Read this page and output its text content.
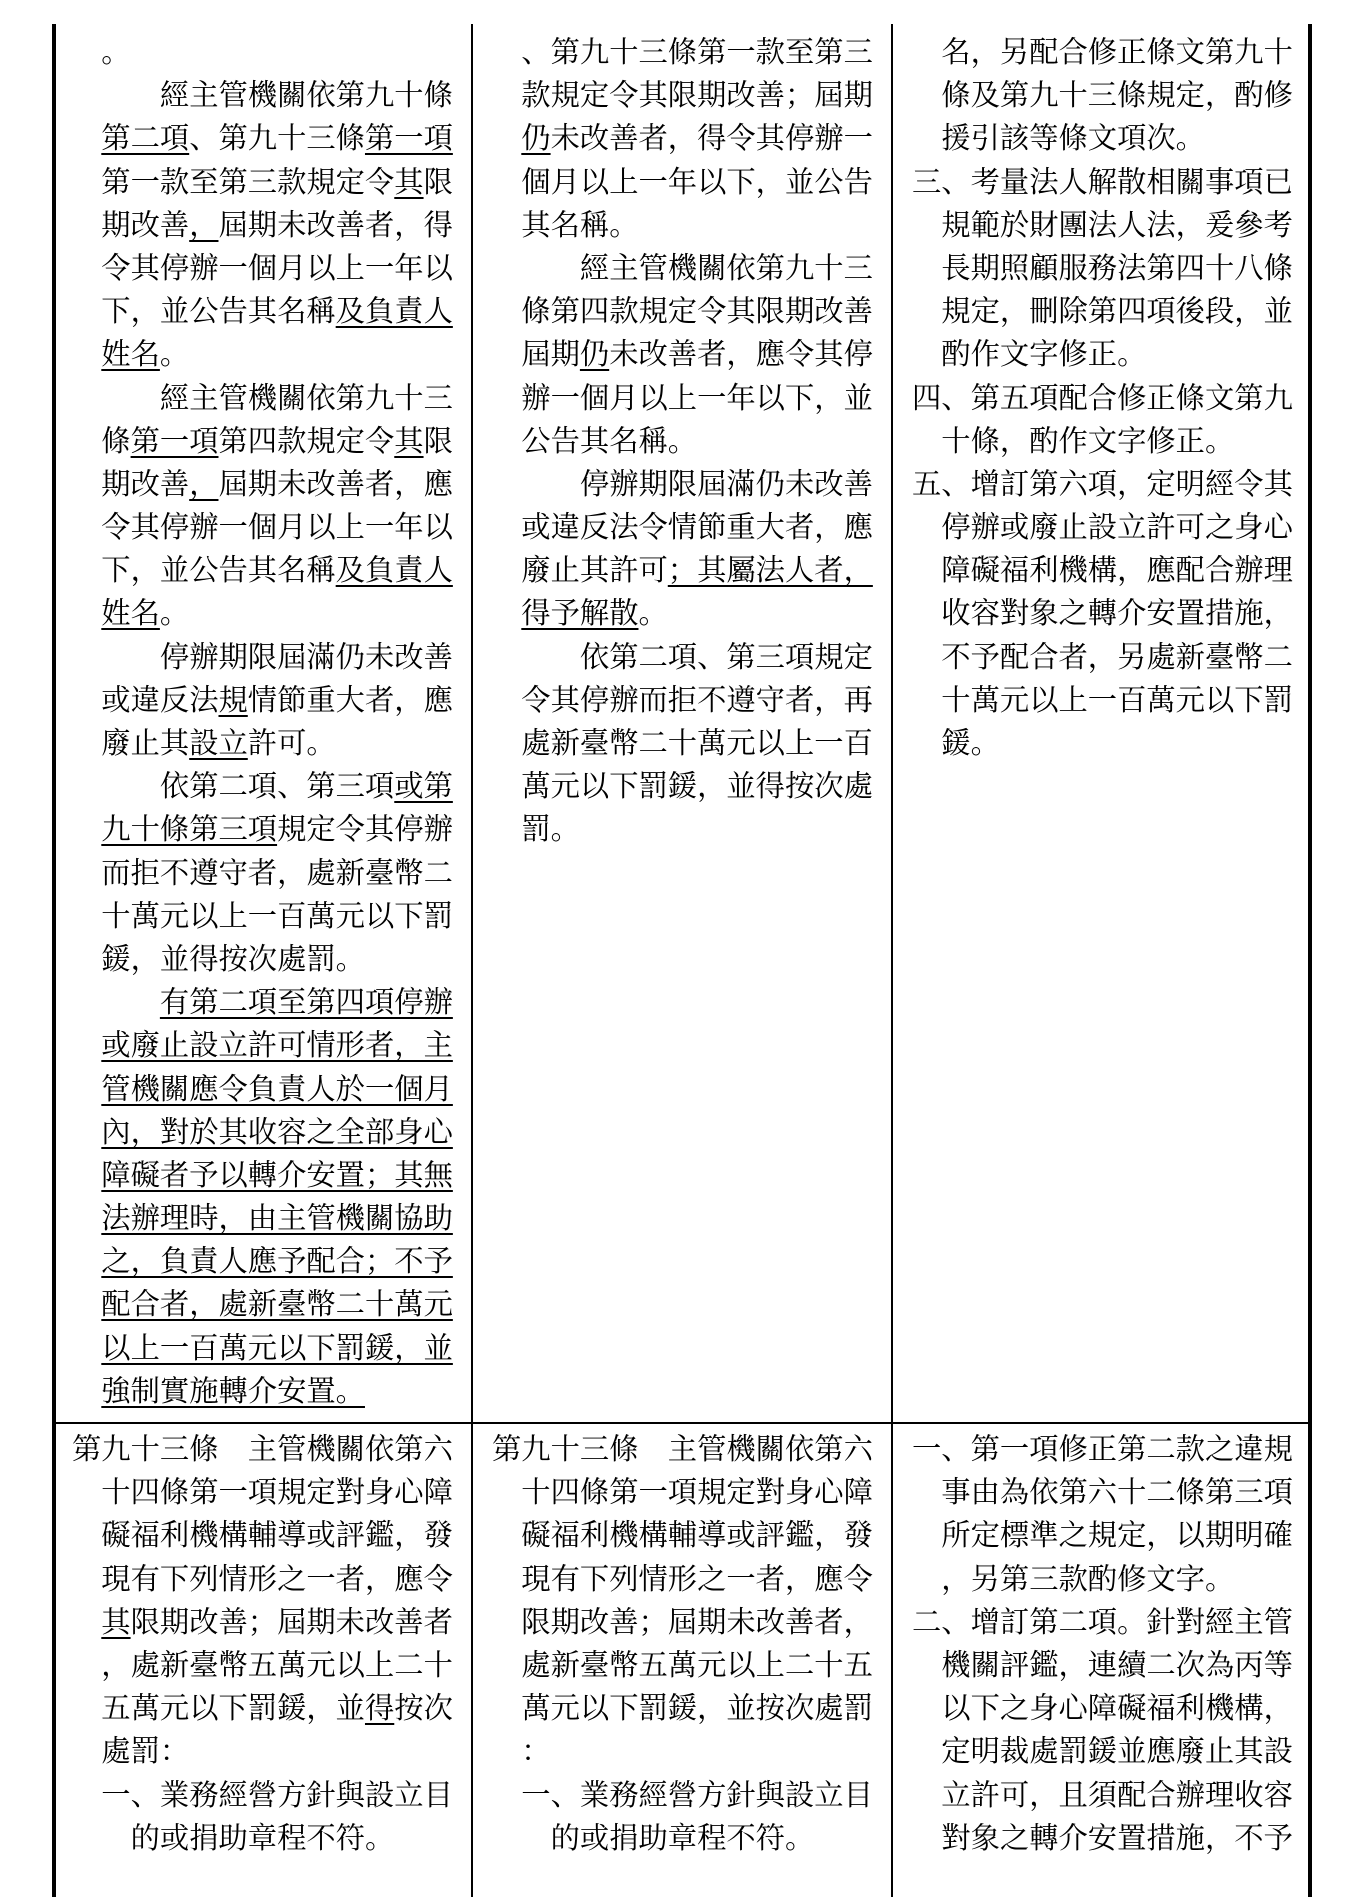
。
經主管機關依第九十條
第二項、第九十三條第一項
第一款至第三款規定令其限
期改善，屆期未改善者，得
令其停辦一個月以上一年以
下，並公告其名稱及負責人
姓名。
經主管機關依第九十三
條第一項第四款規定令其限
期改善，屆期未改善者，應
令其停辦一個月以上一年以
下，並公告其名稱及負責人
姓名。
停辦期限屆滿仍未改善
或違反法規情節重大者，應
廢止其設立許可。
依第二項、第三項或第
九十條第三項規定令其停辦
而拒不遵守者，處新臺幣二
十萬元以上一百萬元以下罰
鍰，並得按次處罰。
有第二項至第四項停辦
或廢止設立許可情形者，主
管機關應令負責人於一個月
內，對於其收容之全部身心
障礙者予以轉介安置；其無
法辦理時，由主管機關協助
之，負責人應予配合；不予
配合者，處新臺幣二十萬元
以上一百萬元以下罰鍰，並
強制實施轉介安置。
、第九十三條第一款至第三
款規定令其限期改善；屆期
仍未改善者，得令其停辦一
個月以上一年以下，並公告
其名稱。
經主管機關依第九十三
條第四款規定令其限期改善
屆期仍未改善者，應令其停
辦一個月以上一年以下，並
公告其名稱。
停辦期限屆滿仍未改善
或違反法令情節重大者，應
廢止其許可；其屬法人者，
得予解散。
依第二項、第三項規定
令其停辦而拒不遵守者，再
處新臺幣二十萬元以上一百
萬元以下罰鍰，並得按次處
罰。
名，另配合修正條文第九十
條及第九十三條規定，酌修
援引該等條文項次。
三、考量法人解散相關事項已
規範於財團法人法，爰參考
長期照顧服務法第四十八條
規定，刪除第四項後段，並
酌作文字修正。
四、第五項配合修正條文第九
十條，酌作文字修正。
五、增訂第六項，定明經令其
停辦或廢止設立許可之身心
障礙福利機構，應配合辦理
收容對象之轉介安置措施，
不予配合者，另處新臺幣二
十萬元以上一百萬元以下罰
鍰。
第九十三條 主管機關依第六
十四條第一項規定對身心障
礙福利機構輔導或評鑑，發
現有下列情形之一者，應令
其限期改善；屆期未改善者
，處新臺幣五萬元以上二十
五萬元以下罰鍰，並得按次
處罰：
一、業務經營方針與設立目
的或捐助章程不符。
第九十三條 主管機關依第六
十四條第一項規定對身心障
礙福利機構輔導或評鑑，發
現有下列情形之一者，應令
限期改善；屆期未改善者，
處新臺幣五萬元以上二十五
萬元以下罰鍰，並按次處罰
：
一、業務經營方針與設立目
的或捐助章程不符。
一、第一項修正第二款之違規
事由為依第六十二條第三項
所定標準之規定，以期明確
，另第三款酌修文字。
二、增訂第二項。針對經主管
機關評鑑，連續二次為丙等
以下之身心障礙福利機構，
定明裁處罰鍰並應廢止其設
立許可，且須配合辦理收容
對象之轉介安置措施，不予
